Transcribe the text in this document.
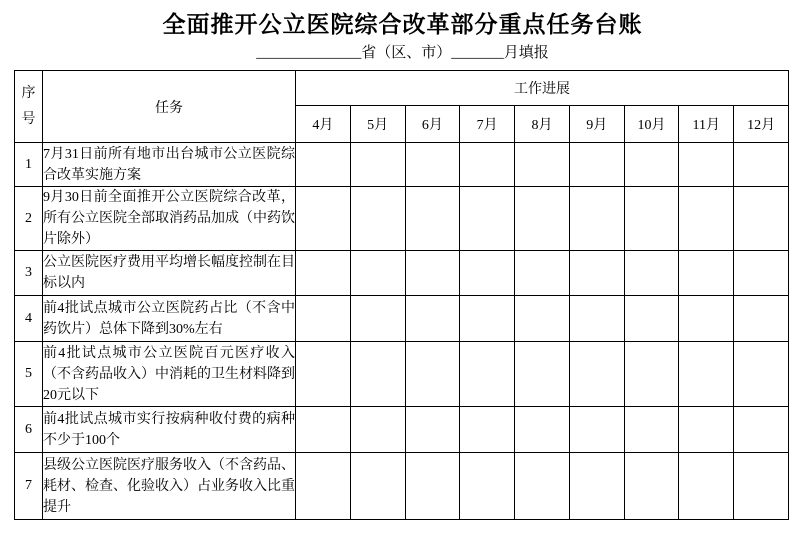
全面推开公立医院综合改革部分重点任务台账
______________省（区、市）_______月填报
序号	任务	工作进展								
		4月	5月	6月	7月	8月	9月	10月	11月	12月
1	7月31日前所有地市出台城市公立医院综合改革实施方案									
2	9月30日前全面推开公立医院综合改革，所有公立医院全部取消药品加成（中药饮片除外）									
3	公立医院医疗费用平均增长幅度控制在目标以内									
4	前4批试点城市公立医院药占比（不含中药饮片）总体下降到30%左右									
5	前4批试点城市公立医院百元医疗收入（不含药品收入）中消耗的卫生材料降到20元以下									
6	前4批试点城市实行按病种收付费的病种不少于100个									
7	县级公立医院医疗服务收入（不含药品、耗材、检查、化验收入）占业务收入比重提升									
